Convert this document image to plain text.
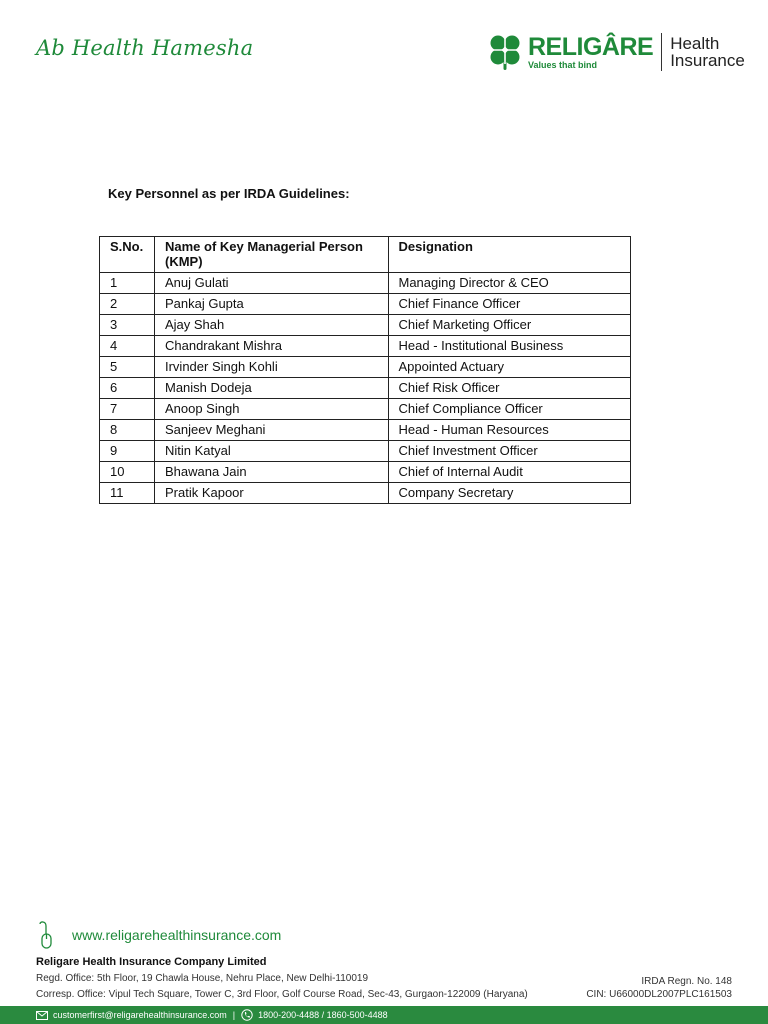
Ab Health Hamesha	RELIGÂRE
Values that bind
Health
Insurance
Key Personnel as per IRDA Guidelines:
S.No.	Name of Key Managerial Person (KMP)	Designation
1	Anuj Gulati	Managing Director & CEO
2	Pankaj Gupta	Chief Finance Officer
3	Ajay Shah	Chief Marketing Officer
4	Chandrakant Mishra	Head - Institutional Business
5	Irvinder Singh Kohli	Appointed Actuary
6	Manish Dodeja	Chief Risk Officer
7	Anoop Singh	Chief Compliance Officer
8	Sanjeev Meghani	Head - Human Resources
9	Nitin Katyal	Chief Investment Officer
10	Bhawana Jain	Chief of Internal Audit
11	Pratik Kapoor	Company Secretary
www.religarehealthinsurance.com
Religare Health Insurance Company Limited
Regd. Office: 5th Floor, 19 Chawla House, Nehru Place, New Delhi-110019
Corresp. Office: Vipul Tech Square, Tower C, 3rd Floor, Golf Course Road, Sec-43, Gurgaon-122009 (Haryana)
IRDA Regn. No. 148
CIN: U66000DL2007PLC161503
customerfirst@religarehealthinsurance.com |	1800-200-4488 / 1860-500-4488
